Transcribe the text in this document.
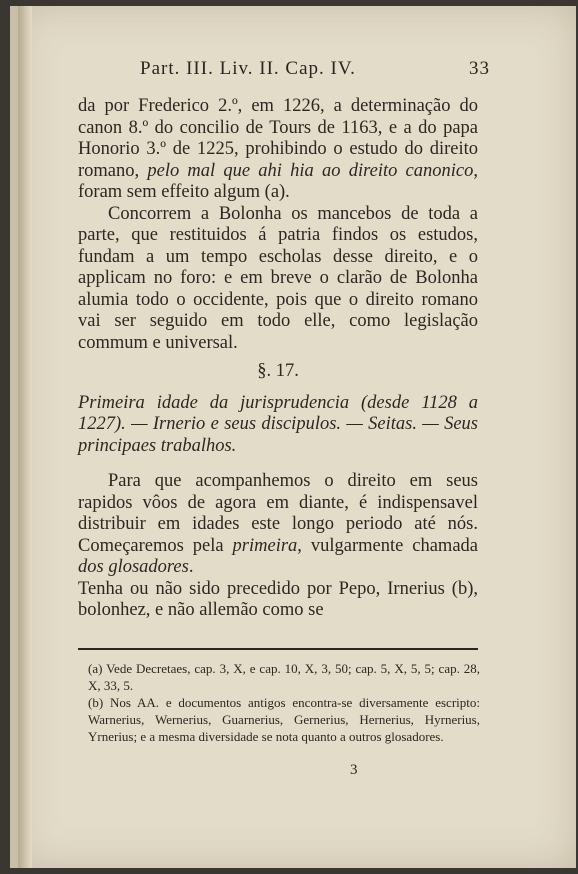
Part. III. Liv. II. Cap. IV.	33

da por Frederico 2.º, em 1226, a determinação do canon 8.º do concilio de Tours de 1163, e a do papa Honorio 3.º de 1225, prohibindo o estudo do direito romano, pelo mal que ahi hia ao direito canonico, foram sem effeito algum (a).

Concorrem a Bolonha os mancebos de toda a parte, que restituidos á patria findos os estudos, fundam a um tempo escholas desse direito, e o applicam no foro: e em breve o clarão de Bolonha alumia todo o occidente, pois que o direito romano vai ser seguido em todo elle, como legislação commum e universal.

§. 17.

Primeira idade da jurisprudencia (desde 1128 a 1227). — Irnerio e seus discipulos. — Seitas. — Seus principaes trabalhos.

Para que acompanhemos o direito em seus rapidos vôos de agora em diante, é indispensavel distribuir em idades este longo periodo até nós. Começaremos pela primeira, vulgarmente chamada dos glosadores.

Tenha ou não sido precedido por Pepo, Irnerius (b), bolonhez, e não allemão como se

(a) Vede Decretaes, cap. 3, X, e cap. 10, X, 3, 50; cap. 5, X, 5, 5; cap. 28, X, 33, 5.

(b) Nos AA. e documentos antigos encontra-se diversamente escripto: Warnerius, Wernerius, Guarnerius, Gernerius, Hernerius, Hyrnerius, Yrnerius; e a mesma diversidade se nota quanto a outros glosadores.

3
